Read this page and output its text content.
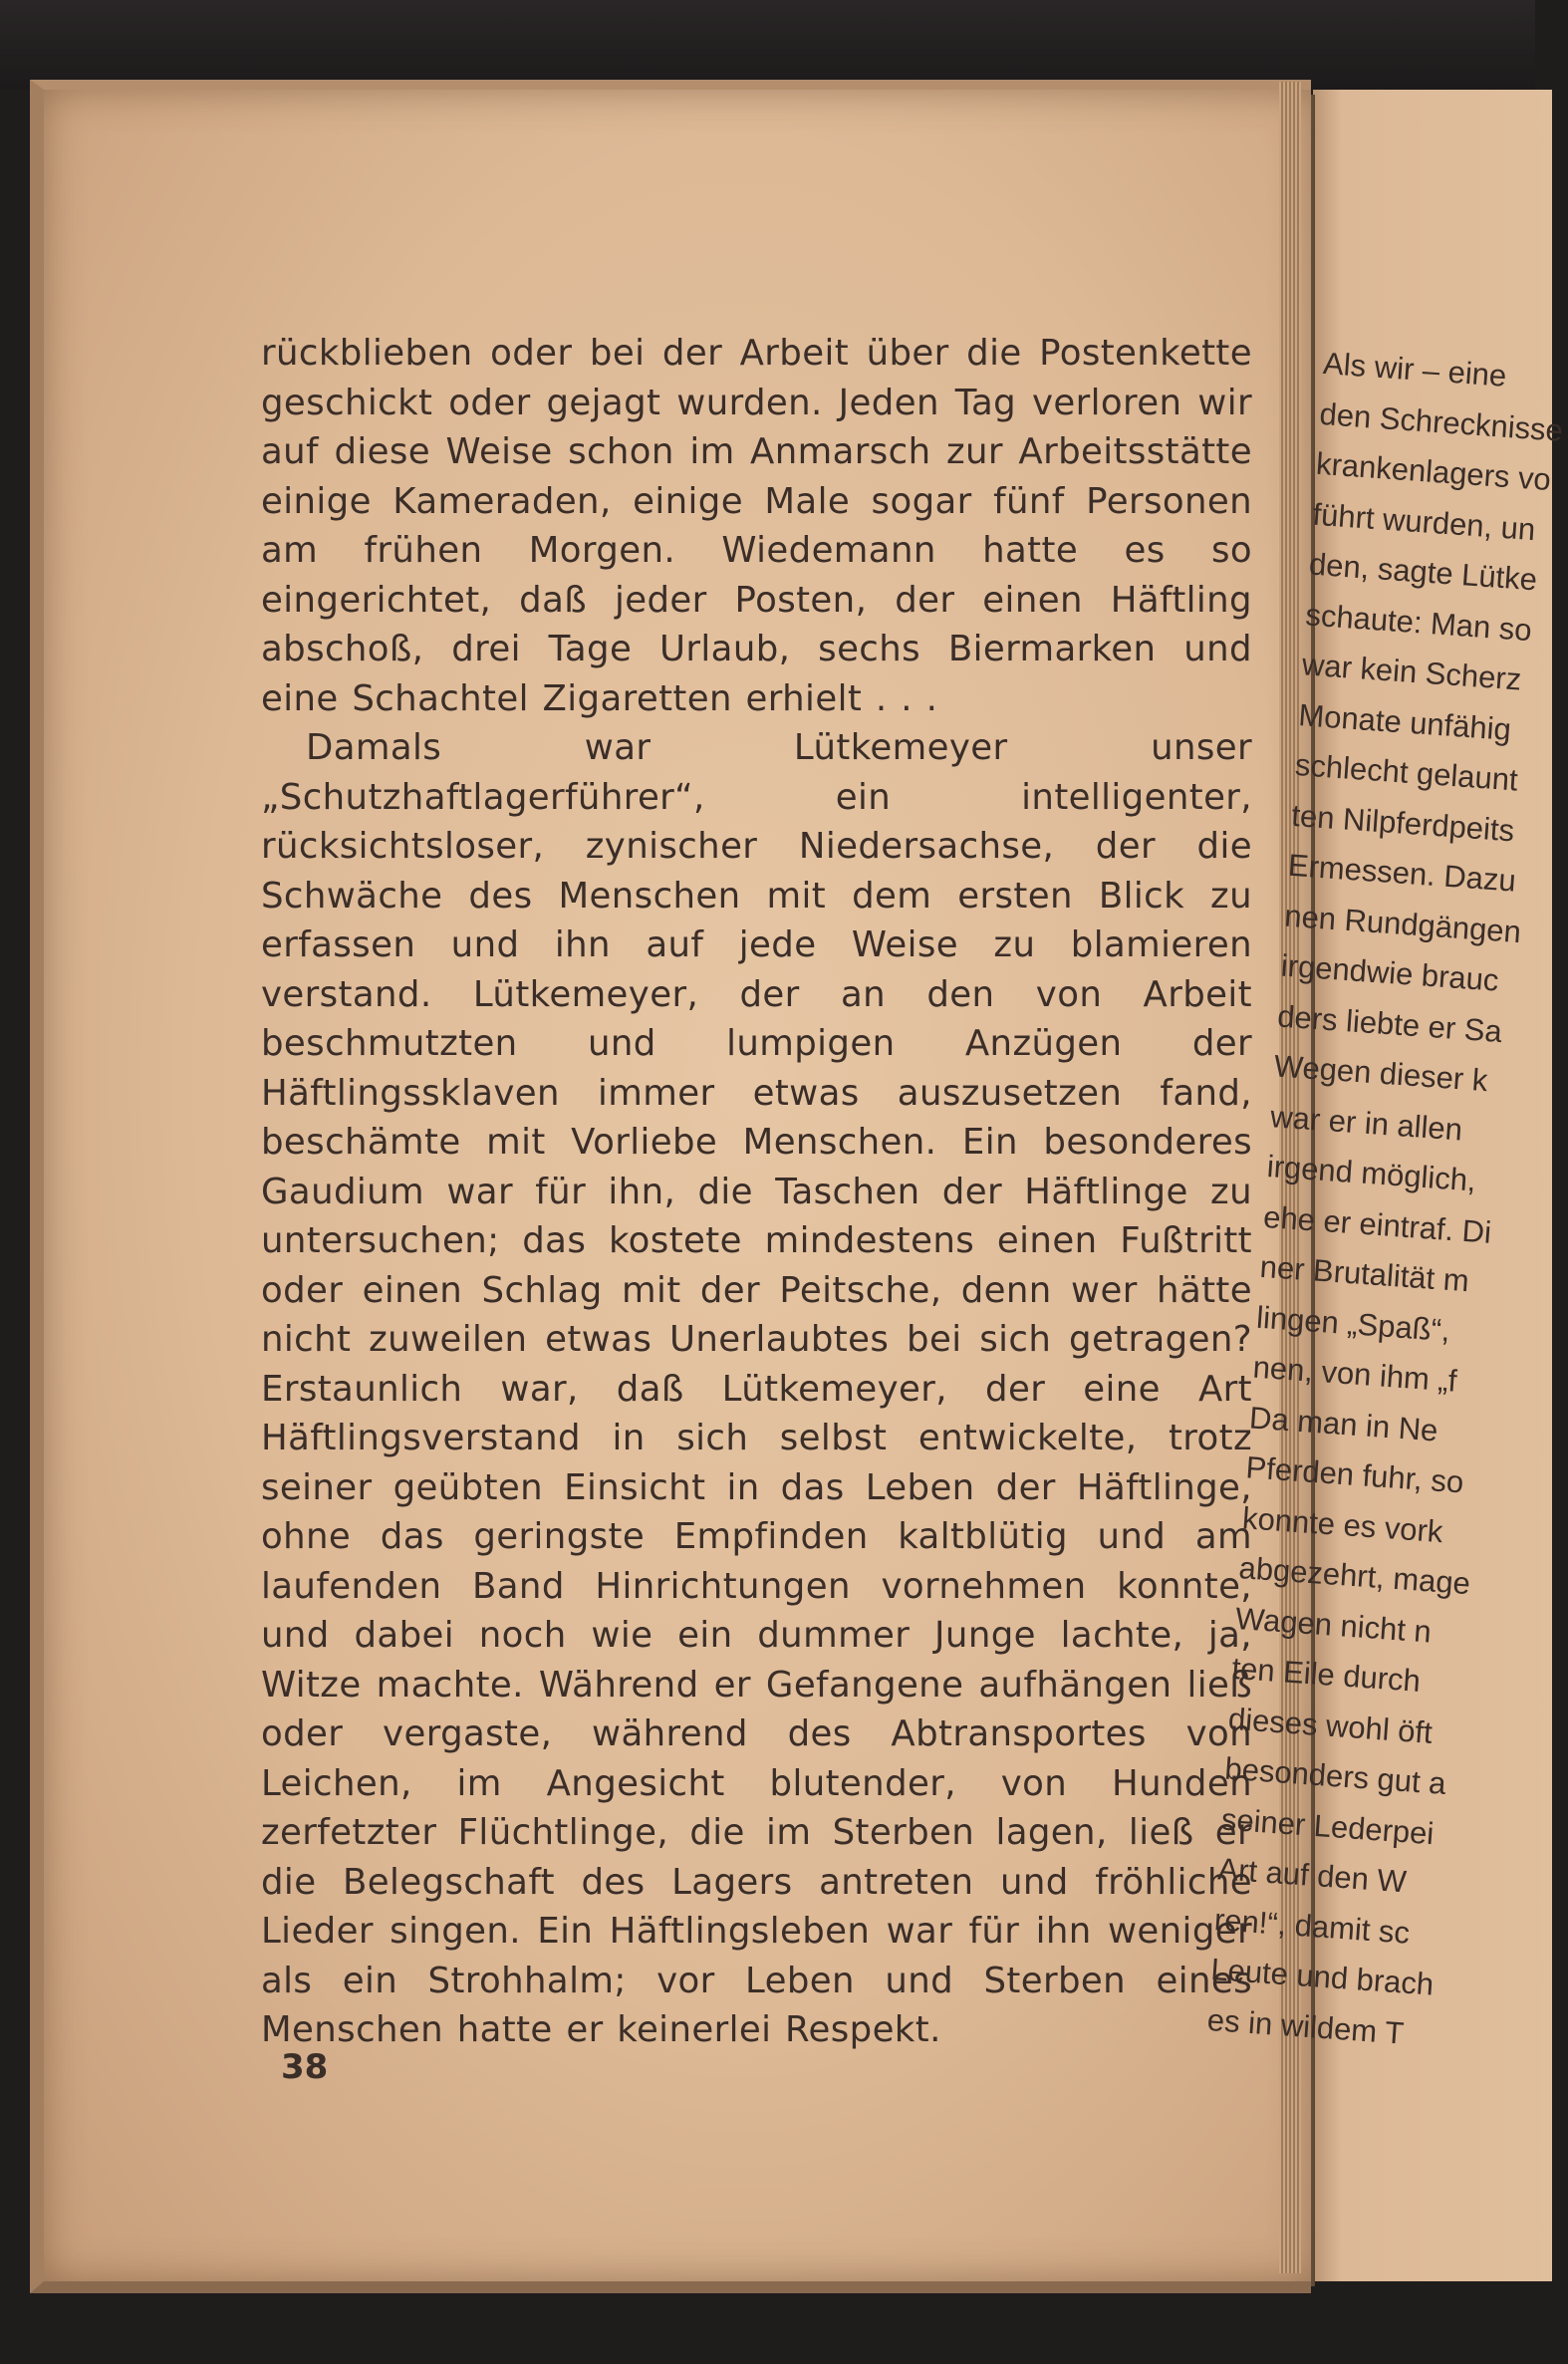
rückblieben oder bei der Arbeit über die Postenkette geschickt oder gejagt wurden. Jeden Tag verloren wir auf diese Weise schon im Anmarsch zur Arbeitsstätte einige Kameraden, einige Male sogar fünf Personen am frühen Morgen. Wiedemann hatte es so eingerichtet, daß jeder Posten, der einen Häftling abschoß, drei Tage Urlaub, sechs Biermarken und eine Schachtel Zigaretten erhielt . . .

Damals war Lütkemeyer unser „Schutzhaftlagerführer“, ein intelligenter, rücksichtsloser, zynischer Niedersachse, der die Schwäche des Menschen mit dem ersten Blick zu erfassen und ihn auf jede Weise zu blamieren verstand. Lütkemeyer, der an den von Arbeit beschmutzten und lumpigen Anzügen der Häftlingssklaven immer etwas auszusetzen fand, beschämte mit Vorliebe Menschen. Ein besonderes Gaudium war für ihn, die Taschen der Häftlinge zu untersuchen; das kostete mindestens einen Fußtritt oder einen Schlag mit der Peitsche, denn wer hätte nicht zuweilen etwas Unerlaubtes bei sich getragen? Erstaunlich war, daß Lütkemeyer, der eine Art Häftlingsverstand in sich selbst entwickelte, trotz seiner geübten Einsicht in das Leben der Häftlinge, ohne das geringste Empfinden kaltblütig und am laufenden Band Hinrichtungen vornehmen konnte, und dabei noch wie ein dummer Junge lachte, ja, Witze machte. Während er Gefangene aufhängen ließ oder vergaste, während des Abtransportes von Leichen, im Angesicht blutender, von Hunden zerfetzter Flüchtlinge, die im Sterben lagen, ließ er die Belegschaft des Lagers antreten und fröhliche Lieder singen. Ein Häftlingsleben war für ihn weniger als ein Strohhalm; vor Leben und Sterben eines Menschen hatte er keinerlei Respekt.

38
Als wir – eine
den Schrecknisse
krankenlagers vo
führt wurden, un
den, sagte Lütke
schaute: Man so
war kein Scherz
Monate unfähig
schlecht gelaunt
ten Nilpferdpeits
Ermessen. Dazu
nen Rundgängen
irgendwie brauc
ders liebte er Sa
Wegen dieser k
war er in allen
irgend möglich,
ehe er eintraf. Di
ner Brutalität m
lingen „Spaß“,
nen, von ihm „f
Da man in Ne
Pferden fuhr, so
konnte es vork
abgezehrt, mage
Wagen nicht n
ten Eile durch
dieses wohl öft
besonders gut a
seiner Lederpei
Art auf den W
ren!“, damit sc
Leute und brach
es in wildem T
